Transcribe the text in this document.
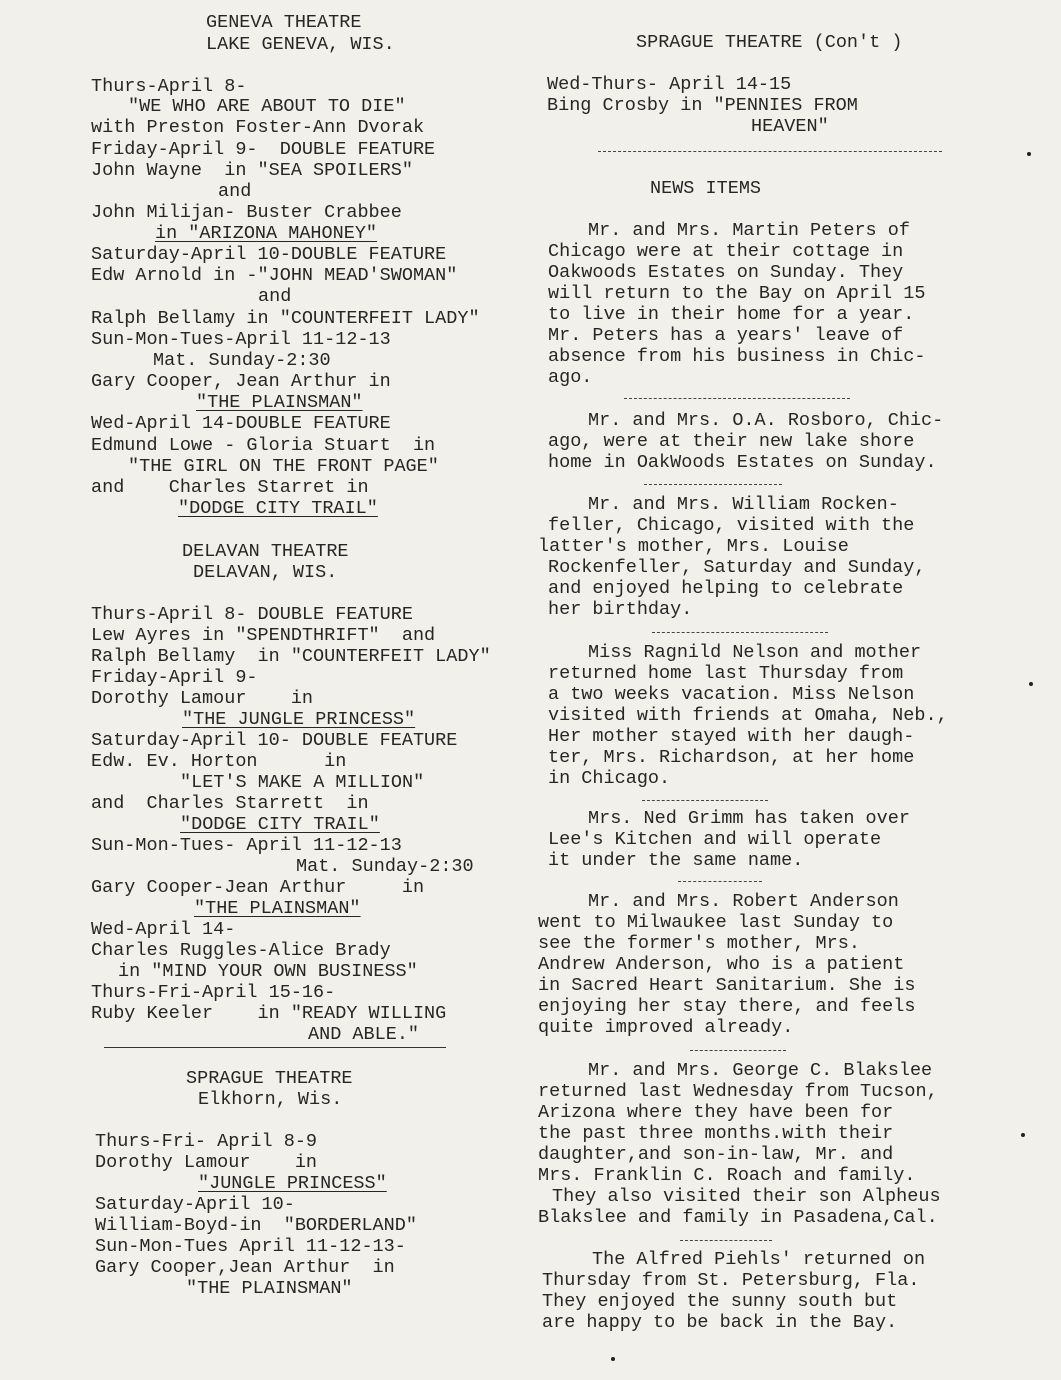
GENEVA THEATRE
LAKE GENEVA, WIS.
Thurs-April 8-
"WE WHO ARE ABOUT TO DIE"
with Preston Foster-Ann Dvorak
Friday-April 9-  DOUBLE FEATURE
John Wayne  in "SEA SPOILERS"
and
John Milijan- Buster Crabbee
in "ARIZONA MAHONEY"
Saturday-April 10-DOUBLE FEATURE
Edw Arnold in -"JOHN MEAD'SWOMAN"
and
Ralph Bellamy in "COUNTERFEIT LADY"
Sun-Mon-Tues-April 11-12-13
Mat. Sunday-2:30
Gary Cooper, Jean Arthur in
"THE PLAINSMAN"
Wed-April 14-DOUBLE FEATURE
Edmund Lowe - Gloria Stuart  in
"THE GIRL ON THE FRONT PAGE"
and    Charles Starret in
"DODGE CITY TRAIL"
DELAVAN THEATRE
DELAVAN, WIS.
Thurs-April 8- DOUBLE FEATURE
Lew Ayres in "SPENDTHRIFT"  and
Ralph Bellamy  in "COUNTERFEIT LADY"
Friday-April 9-
Dorothy Lamour    in
"THE JUNGLE PRINCESS"
Saturday-April 10- DOUBLE FEATURE
Edw. Ev. Horton      in
"LET'S MAKE A MILLION"
and  Charles Starrett  in
"DODGE CITY TRAIL"
Sun-Mon-Tues- April 11-12-13
Mat. Sunday-2:30
Gary Cooper-Jean Arthur     in
"THE PLAINSMAN"
Wed-April 14-
Charles Ruggles-Alice Brady
in "MIND YOUR OWN BUSINESS"
Thurs-Fri-April 15-16-
Ruby Keeler    in "READY WILLING
AND ABLE."
SPRAGUE THEATRE
Elkhorn, Wis.
Thurs-Fri- April 8-9
Dorothy Lamour    in
"JUNGLE PRINCESS"
Saturday-April 10-
William-Boyd-in  "BORDERLAND"
Sun-Mon-Tues April 11-12-13-
Gary Cooper,Jean Arthur  in
"THE PLAINSMAN"
SPRAGUE THEATRE (Con't )
Wed-Thurs- April 14-15
Bing Crosby in "PENNIES FROM
HEAVEN"
NEWS ITEMS
Mr. and Mrs. Martin Peters of
Chicago were at their cottage in
Oakwoods Estates on Sunday. They
will return to the Bay on April 15
to live in their home for a year.
Mr. Peters has a years' leave of
absence from his business in Chic-
ago.
Mr. and Mrs. O.A. Rosboro, Chic-
ago, were at their new lake shore
home in OakWoods Estates on Sunday.
Mr. and Mrs. William Rocken-
feller, Chicago, visited with the
latter's mother, Mrs. Louise
Rockenfeller, Saturday and Sunday,
and enjoyed helping to celebrate
her birthday.
Miss Ragnild Nelson and mother
returned home last Thursday from
a two weeks vacation. Miss Nelson
visited with friends at Omaha, Neb.,
Her mother stayed with her daugh-
ter, Mrs. Richardson, at her home
in Chicago.
Mrs. Ned Grimm has taken over
Lee's Kitchen and will operate
it under the same name.
Mr. and Mrs. Robert Anderson
went to Milwaukee last Sunday to
see the former's mother, Mrs.
Andrew Anderson, who is a patient
in Sacred Heart Sanitarium. She is
enjoying her stay there, and feels
quite improved already.
Mr. and Mrs. George C. Blakslee
returned last Wednesday from Tucson,
Arizona where they have been for
the past three months.with their
daughter,and son-in-law, Mr. and
Mrs. Franklin C. Roach and family.
They also visited their son Alpheus
Blakslee and family in Pasadena,Cal.
The Alfred Piehls' returned on
Thursday from St. Petersburg, Fla.
They enjoyed the sunny south but
are happy to be back in the Bay.
